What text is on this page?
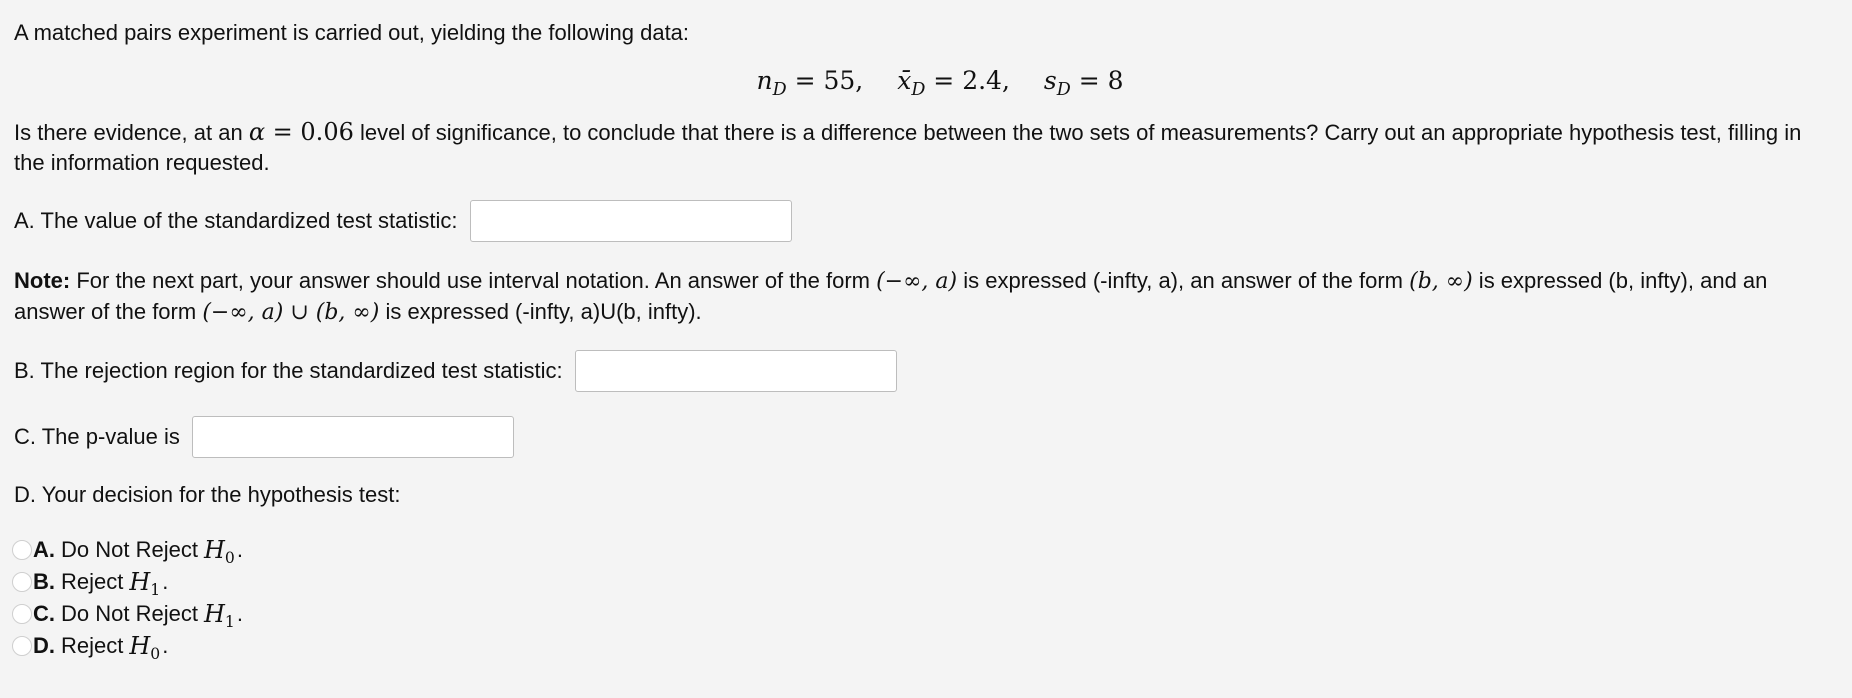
A matched pairs experiment is carried out, yielding the following data:
$n_D = 55$, $x̄_D = 2.4$, $s_D = 8$
Is there evidence, at an α = 0.06 level of significance, to conclude that there is a difference between the two sets of measurements? Carry out an appropriate hypothesis test, filling in the information requested.
A. The value of the standardized test statistic:
Note: For the next part, your answer should use interval notation. An answer of the form (−∞, a) is expressed (-infty, a), an answer of the form (b, ∞) is expressed (b, infty), and an answer of the form (−∞, a) ∪ (b, ∞) is expressed (-infty, a)U(b, infty).
B. The rejection region for the standardized test statistic:
C. The p-value is
D. Your decision for the hypothesis test:
A. Do Not Reject $H_0$ .
B. Reject $H_1$ .
C. Do Not Reject $H_1$ .
D. Reject $H_0$ .
